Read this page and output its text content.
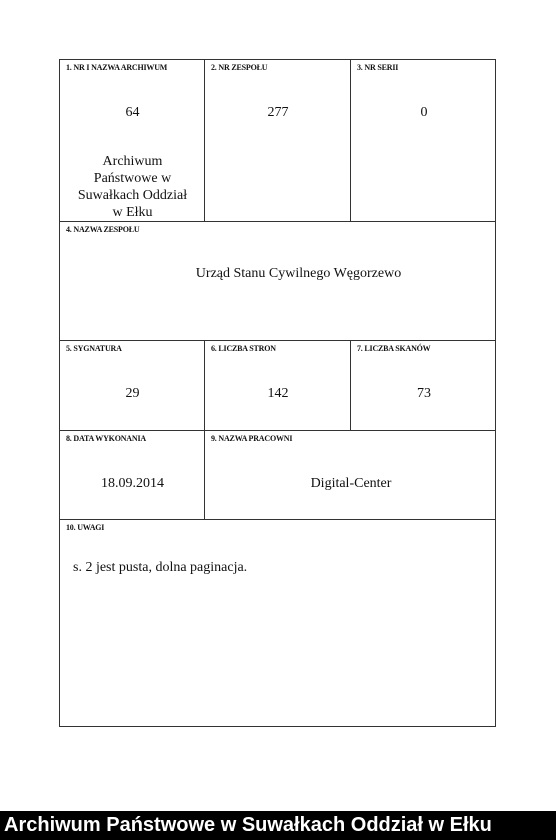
1. NR I NAZWA ARCHIWUM
64
Archiwum Państwowe w Suwałkach Oddział w Ełku
2. NR ZESPOŁU
277
3. NR SERII
0
4. NAZWA ZESPOŁU
Urząd Stanu Cywilnego Węgorzewo
5. SYGNATURA
29
6. LICZBA STRON
142
7. LICZBA SKANÓW
73
8. DATA WYKONANIA
18.09.2014
9. NAZWA PRACOWNI
Digital-Center
10. UWAGI
s. 2 jest pusta, dolna paginacja.
Archiwum Państwowe w Suwałkach Oddział w Ełku
